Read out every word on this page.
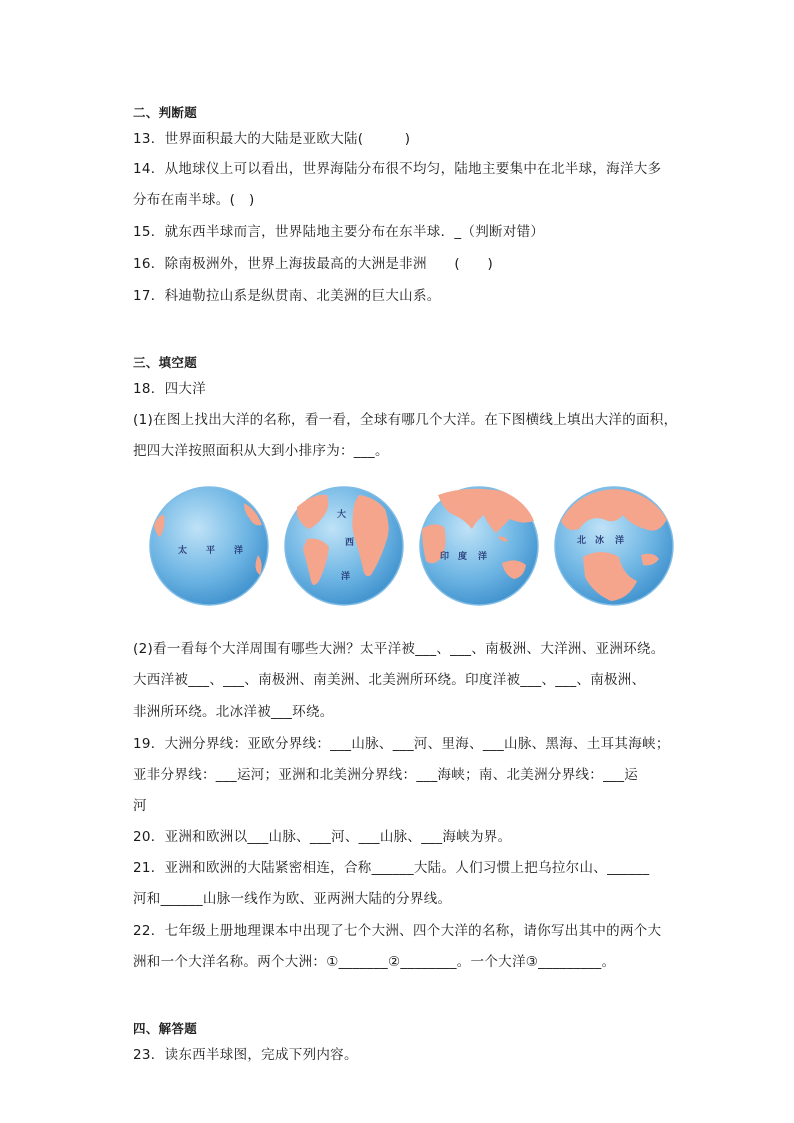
二、判断题
13．世界面积最大的大陆是亚欧大陆(　　　)
14．从地球仪上可以看出，世界海陆分布很不均匀，陆地主要集中在北半球，海洋大多
分布在南半球。(　)
15．就东西半球而言，世界陆地主要分布在东半球．_（判断对错）
16．除南极洲外，世界上海拔最高的大洲是非洲　　(　　)
17．科迪勒拉山系是纵贯南、北美洲的巨大山系。
三、填空题
18．四大洋
(1)在图上找出大洋的名称，看一看，全球有哪几个大洋。在下图横线上填出大洋的面积，
把四大洋按照面积从大到小排序为：___。
太 平 洋
大
西
洋
印 度 洋
北 冰 洋
(2)看一看每个大洋周围有哪些大洲？太平洋被___、___、南极洲、大洋洲、亚洲环绕。
大西洋被___、___、南极洲、南美洲、北美洲所环绕。印度洋被___、___、南极洲、
非洲所环绕。北冰洋被___环绕。
19．大洲分界线：亚欧分界线：___山脉、___河、里海、___山脉、黑海、土耳其海峡；
亚非分界线：___运河；亚洲和北美洲分界线：___海峡；南、北美洲分界线：___运
河
20．亚洲和欧洲以___山脉、___河、___山脉、___海峡为界。
21．亚洲和欧洲的大陆紧密相连，合称______大陆。人们习惯上把乌拉尔山、______
河和______山脉一线作为欧、亚两洲大陆的分界线。
22．七年级上册地理课本中出现了七个大洲、四个大洋的名称，请你写出其中的两个大
洲和一个大洋名称。两个大洲：①_______②________。一个大洋③_________。
四、解答题
23．读东西半球图，完成下列内容。
